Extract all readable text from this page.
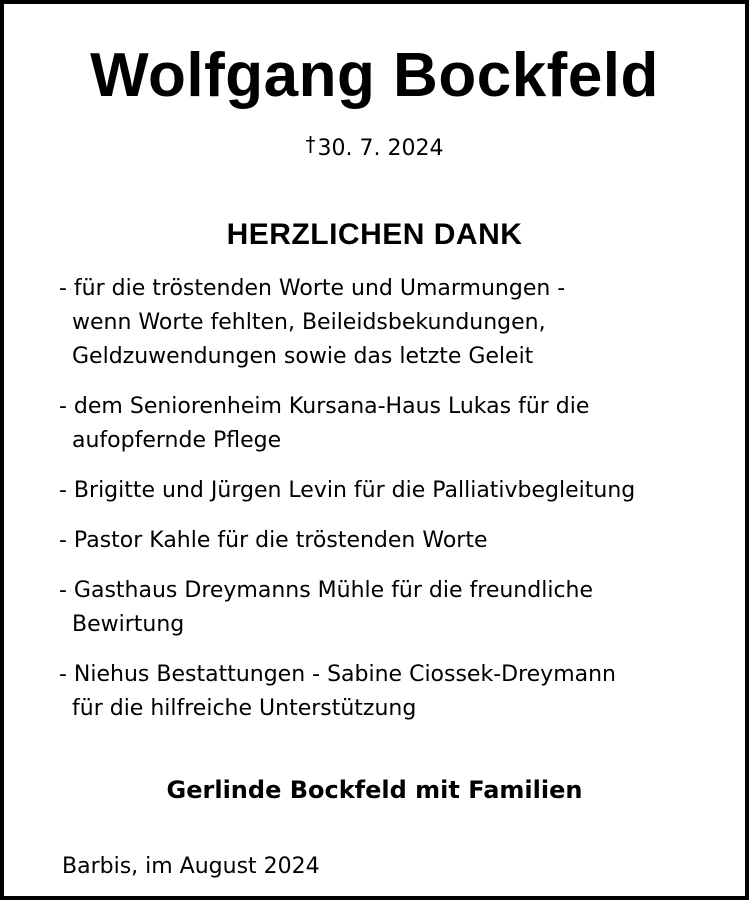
Wolfgang Bockfeld
†30. 7. 2024
HERZLICHEN DANK
- für die tröstenden Worte und Umarmungen -
wenn Worte fehlten, Beileidsbekundungen,
Geldzuwendungen sowie das letzte Geleit
- dem Seniorenheim Kursana-Haus Lukas für die
aufopfernde Pflege
- Brigitte und Jürgen Levin für die Palliativbegleitung
- Pastor Kahle für die tröstenden Worte
- Gasthaus Dreymanns Mühle für die freundliche
Bewirtung
- Niehus Bestattungen - Sabine Ciossek-Dreymann
für die hilfreiche Unterstützung
Gerlinde Bockfeld mit Familien
Barbis, im August 2024
